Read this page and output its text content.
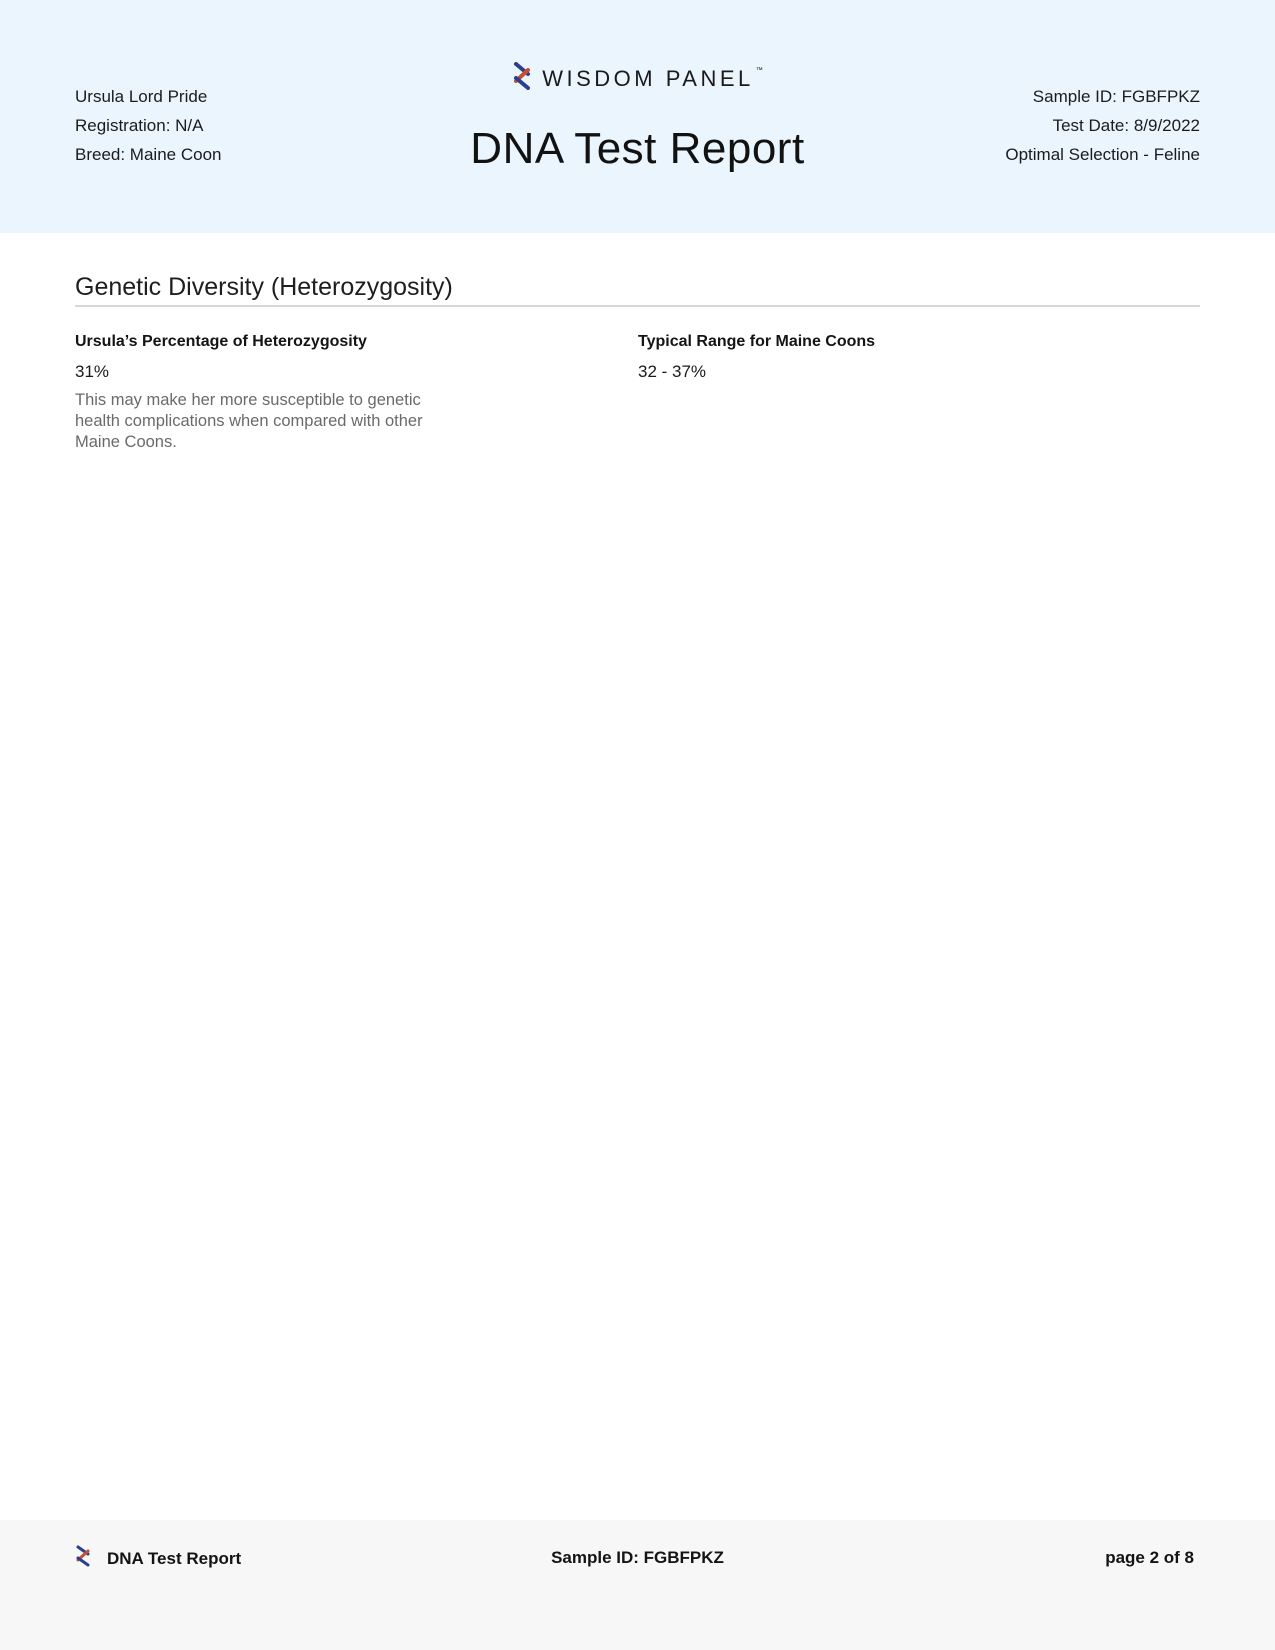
Ursula Lord Pride
Registration: N/A
Breed: Maine Coon
WISDOM PANEL ™
DNA Test Report
Sample ID: FGBFPKZ
Test Date: 8/9/2022
Optimal Selection - Feline
Genetic Diversity (Heterozygosity)
Ursula’s Percentage of Heterozygosity
31%
This may make her more susceptible to genetic health complications when compared with other Maine Coons.
Typical Range for Maine Coons
32 - 37%
DNA Test Report	Sample ID: FGBFPKZ	page 2 of 8
